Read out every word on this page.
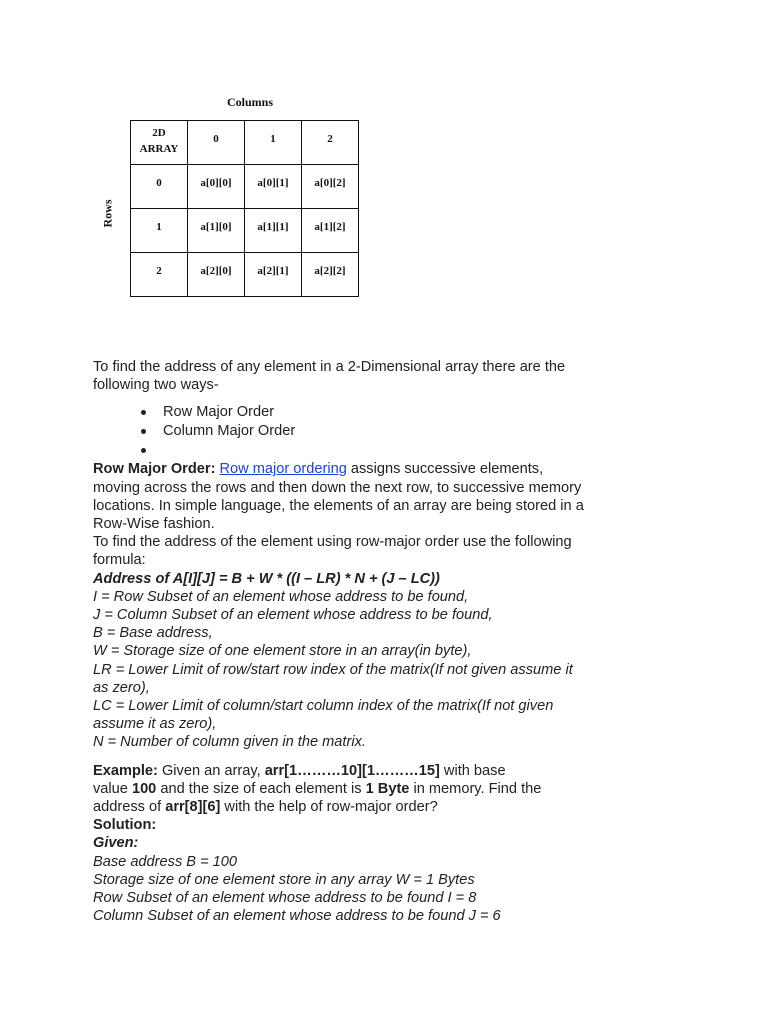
Columns
Rows
2D
ARRAY	0	1	2
0	a[0][0]	a[0][1]	a[0][2]
1	a[1][0]	a[1][1]	a[1][2]
2	a[2][0]	a[2][1]	a[2][2]

To find the address of any element in a 2-Dimensional array there are the

following two ways-

Row Major Order
Column Major Order

Row Major Order: Row major ordering assigns successive elements,

moving across the rows and then down the next row, to successive memory

locations. In simple language, the elements of an array are being stored in a

Row-Wise fashion.

To find the address of the element using row-major order use the following

formula:

Address of A[I][J] = B + W * ((I – LR) * N + (J – LC))

I = Row Subset of an element whose address to be found,

J = Column Subset of an element whose address to be found,

B = Base address,

W = Storage size of one element store in an array(in byte),

LR = Lower Limit of row/start row index of the matrix(If not given assume it

as zero),

LC = Lower Limit of column/start column index of the matrix(If not given

assume it as zero),

N = Number of column given in the matrix.

Example: Given an array, arr[1………10][1………15] with base

value 100 and the size of each element is 1 Byte in memory. Find the

address of arr[8][6] with the help of row-major order?

Solution:

Given:

Base address B = 100

Storage size of one element store in any array W = 1 Bytes

Row Subset of an element whose address to be found I = 8

Column Subset of an element whose address to be found J = 6
